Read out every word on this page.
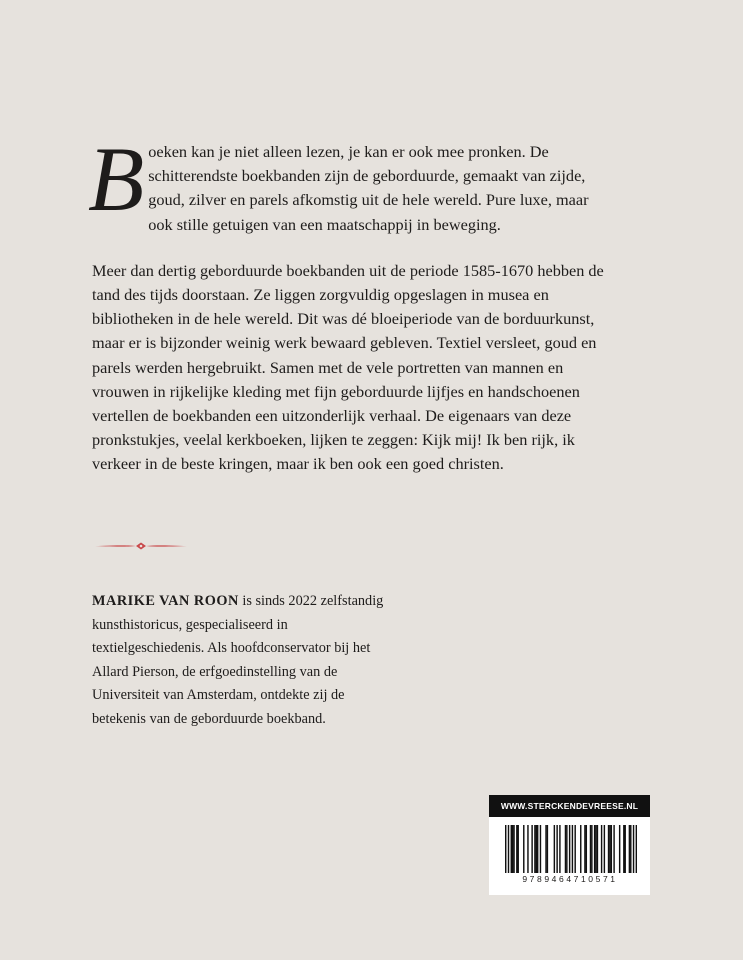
Boeken kan je niet alleen lezen, je kan er ook mee pronken. De schitterendste boekbanden zijn de geborduurde, gemaakt van zijde, goud, zilver en parels afkomstig uit de hele wereld. Pure luxe, maar ook stille getuigen van een maatschappij in beweging.

Meer dan dertig geborduurde boekbanden uit de periode 1585-1670 hebben de tand des tijds doorstaan. Ze liggen zorgvuldig opgeslagen in musea en bibliotheken in de hele wereld. Dit was dé bloeiperiode van de borduurkunst, maar er is bijzonder weinig werk bewaard gebleven. Textiel versleet, goud en parels werden hergebruikt. Samen met de vele portretten van mannen en vrouwen in rijkelijke kleding met fijn geborduurde lijfjes en handschoenen vertellen de boekbanden een uitzonderlijk verhaal. De eigenaars van deze pronkstukjes, veelal kerkboeken, lijken te zeggen: Kijk mij! Ik ben rijk, ik verkeer in de beste kringen, maar ik ben ook een goed christen.

MARIKE VAN ROON is sinds 2022 zelfstandig kunsthistoricus, gespecialiseerd in textielgeschiedenis. Als hoofdconservator bij het Allard Pierson, de erfgoedinstelling van de Universiteit van Amsterdam, ontdekte zij de betekenis van de geborduurde boekband.
WWW.STERCKENDEVREESE.NL
9789464710571
